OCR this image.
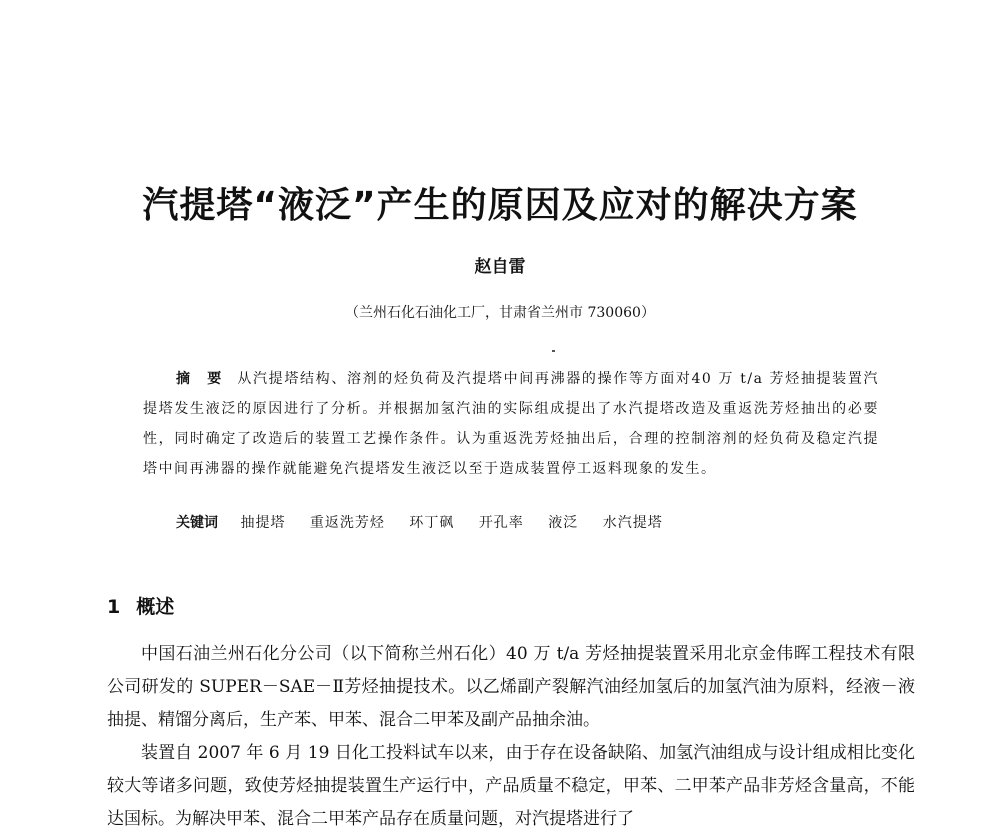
汽提塔“液泛”产生的原因及应对的解决方案
赵自雷
（兰州石化石油化工厂，甘肃省兰州市 730060）

摘 要 从汽提塔结构、溶剂的烃负荷及汽提塔中间再沸器的操作等方面对40 万 t/a 芳烃抽提装置汽提塔发生液泛的原因进行了分析。并根据加氢汽油的实际组成提出了水汽提塔改造及重返洗芳烃抽出的必要性，同时确定了改造后的装置工艺操作条件。认为重返洗芳烃抽出后，合理的控制溶剂的烃负荷及稳定汽提塔中间再沸器的操作就能避免汽提塔发生液泛以至于造成装置停工返料现象的发生。

关键词 抽提塔 重返洗芳烃 环丁砜 开孔率 液泛 水汽提塔
1 概述

中国石油兰州石化分公司（以下简称兰州石化）40 万 t/a 芳烃抽提装置采用北京金伟晖工程技术有限公司研发的 SUPER－SAE－Ⅱ芳烃抽提技术。以乙烯副产裂解汽油经加氢后的加氢汽油为原料，经液－液抽提、精馏分离后，生产苯、甲苯、混合二甲苯及副产品抽余油。

装置自 2007 年 6 月 19 日化工投料试车以来，由于存在设备缺陷、加氢汽油组成与设计组成相比变化较大等诸多问题，致使芳烃抽提装置生产运行中，产品质量不稳定，甲苯、二甲苯产品非芳烃含量高，不能达国标。为解决甲苯、混合二甲苯产品存在质量问题，对汽提塔进行了
